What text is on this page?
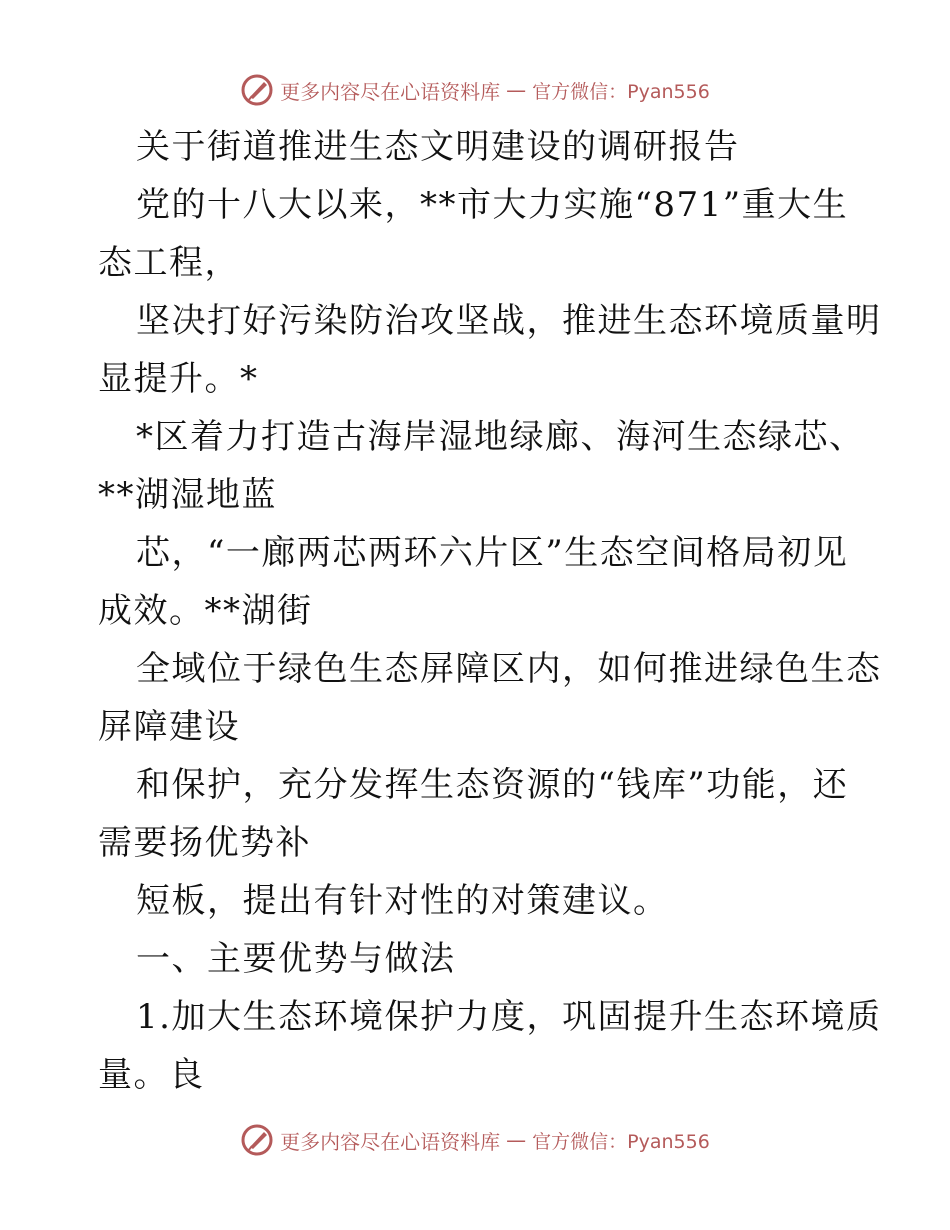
更多内容尽在心语资料库 — 官方微信：Pyan556
关于街道推进生态文明建设的调研报告
党的十八大以来，**市大力实施“871”重大生
态工程，
坚决打好污染防治攻坚战，推进生态环境质量明
显提升。*
*区着力打造古海岸湿地绿廊、海河生态绿芯、
**湖湿地蓝
芯，“一廊两芯两环六片区”生态空间格局初见
成效。**湖街
全域位于绿色生态屏障区内，如何推进绿色生态
屏障建设
和保护，充分发挥生态资源的“钱库”功能，还
需要扬优势补
短板，提出有针对性的对策建议。
一、主要优势与做法
1.加大生态环境保护力度，巩固提升生态环境质
量。良
更多内容尽在心语资料库 — 官方微信：Pyan556
